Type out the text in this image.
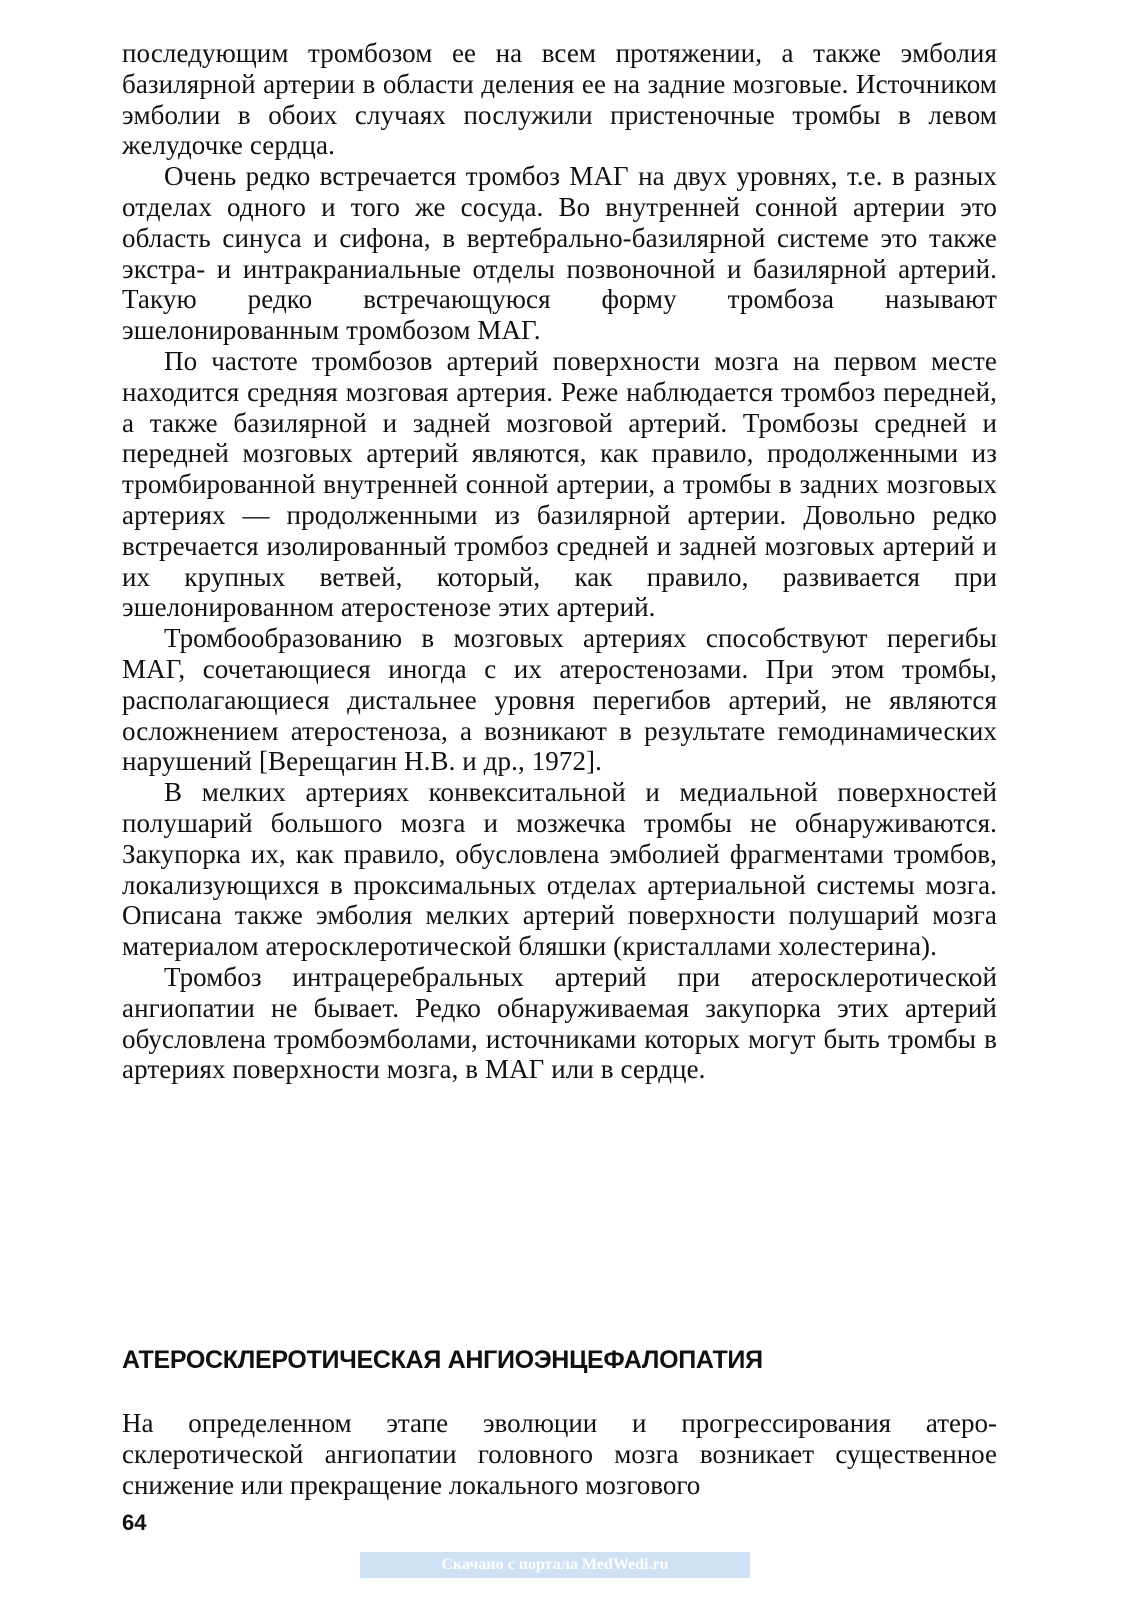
последующим тромбозом ее на всем протяжении, а также эмболия базилярной артерии в области деления ее на задние мозговые. Источником эмболии в обоих случаях послужили пристеночные тромбы в левом желудочке сердца.

Очень редко встречается тромбоз МАГ на двух уровнях, т.е. в разных отделах одного и того же сосуда. Во внутренней сонной артерии это область синуса и сифона, в вертебрально-базилярной системе это также экстра- и интракраниальные отделы позвоночной и базилярной артерий. Такую редко встречающуюся форму тромбоза называют эшелонированным тромбозом МАГ.

По частоте тромбозов артерий поверхности мозга на первом месте находится средняя мозговая артерия. Реже наблюдается тромбоз передней, а также базилярной и задней мозговой артерий. Тромбозы средней и передней мозговых артерий являются, как правило, продолженными из тромбированной внутренней сонной артерии, а тромбы в задних мозговых артериях — продолженными из базилярной артерии. Довольно редко встречается изолированный тромбоз средней и задней мозговых артерий и их крупных ветвей, который, как правило, развивается при эшелонированном атеростенозе этих артерий.

Тромбообразованию в мозговых артериях способствуют перегибы МАГ, сочетающиеся иногда с их атеростенозами. При этом тромбы, располагающиеся дистальнее уровня перегибов артерий, не являются осложнением атеростеноза, а возникают в результате гемодинамических нарушений [Верещагин Н.В. и др., 1972].

В мелких артериях конвекситальной и медиальной поверхностей полушарий большого мозга и мозжечка тромбы не обнаруживаются. Закупорка их, как правило, обусловлена эмболией фрагментами тромбов, локализующихся в проксимальных отделах артериальной системы мозга. Описана также эмболия мелких артерий поверхности полушарий мозга материалом атеросклеротической бляшки (кристаллами холестерина).

Тромбоз интрацеребральных артерий при атеросклеротической ангиопатии не бывает. Редко обнаруживаемая закупорка этих артерий обусловлена тромбоэмболами, источниками которых могут быть тромбы в артериях поверхности мозга, в МАГ или в сердце.

АТЕРОСКЛЕРОТИЧЕСКАЯ АНГИОЭНЦЕФАЛОПАТИЯ

На определенном этапе эволюции и прогрессирования атеросклеротической ангиопатии головного мозга возникает существенное снижение или прекращение локального мозгового

64
Скачано с портала MedWedi.ru
